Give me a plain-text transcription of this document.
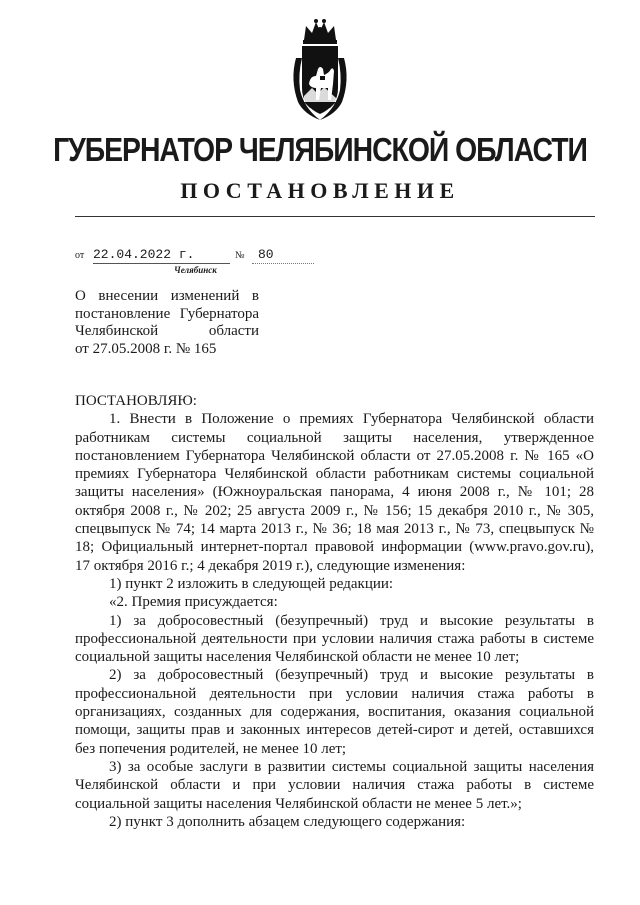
ГУБЕРНАТОР ЧЕЛЯБИНСКОЙ ОБЛАСТИ
ПОСТАНОВЛЕНИЕ
от 22.04.2022 г.	№	80
Челябинск
О внесении изменений в
постановление Губернатора
Челябинской области
от 27.05.2008 г. № 165
ПОСТАНОВЛЯЮ:

1. Внести в Положение о премиях Губернатора Челябинской области работникам системы социальной защиты населения, утвержденное постановлением Губернатора Челябинской области от 27.05.2008 г. № 165 «О премиях Губернатора Челябинской области работникам системы социальной защиты населения» (Южноуральская панорама, 4 июня 2008 г., № 101; 28 октября 2008 г., № 202; 25 августа 2009 г., № 156; 15 декабря 2010 г., № 305, спецвыпуск № 74; 14 марта 2013 г., № 36; 18 мая 2013 г., № 73, спецвыпуск № 18; Официальный интернет-портал правовой информации (www.pravo.gov.ru), 17 октября 2016 г.; 4 декабря 2019 г.), следующие изменения:

1) пункт 2 изложить в следующей редакции:

«2. Премия присуждается:

1) за добросовестный (безупречный) труд и высокие результаты в профессиональной деятельности при условии наличия стажа работы в системе социальной защиты населения Челябинской области не менее 10 лет;

2) за добросовестный (безупречный) труд и высокие результаты в профессиональной деятельности при условии наличия стажа работы в организациях, созданных для содержания, воспитания, оказания социальной помощи, защиты прав и законных интересов детей-сирот и детей, оставшихся без попечения родителей, не менее 10 лет;

3) за особые заслуги в развитии системы социальной защиты населения Челябинской области и при условии наличия стажа работы в системе социальной защиты населения Челябинской области не менее 5 лет.»;

2) пункт 3 дополнить абзацем следующего содержания:
